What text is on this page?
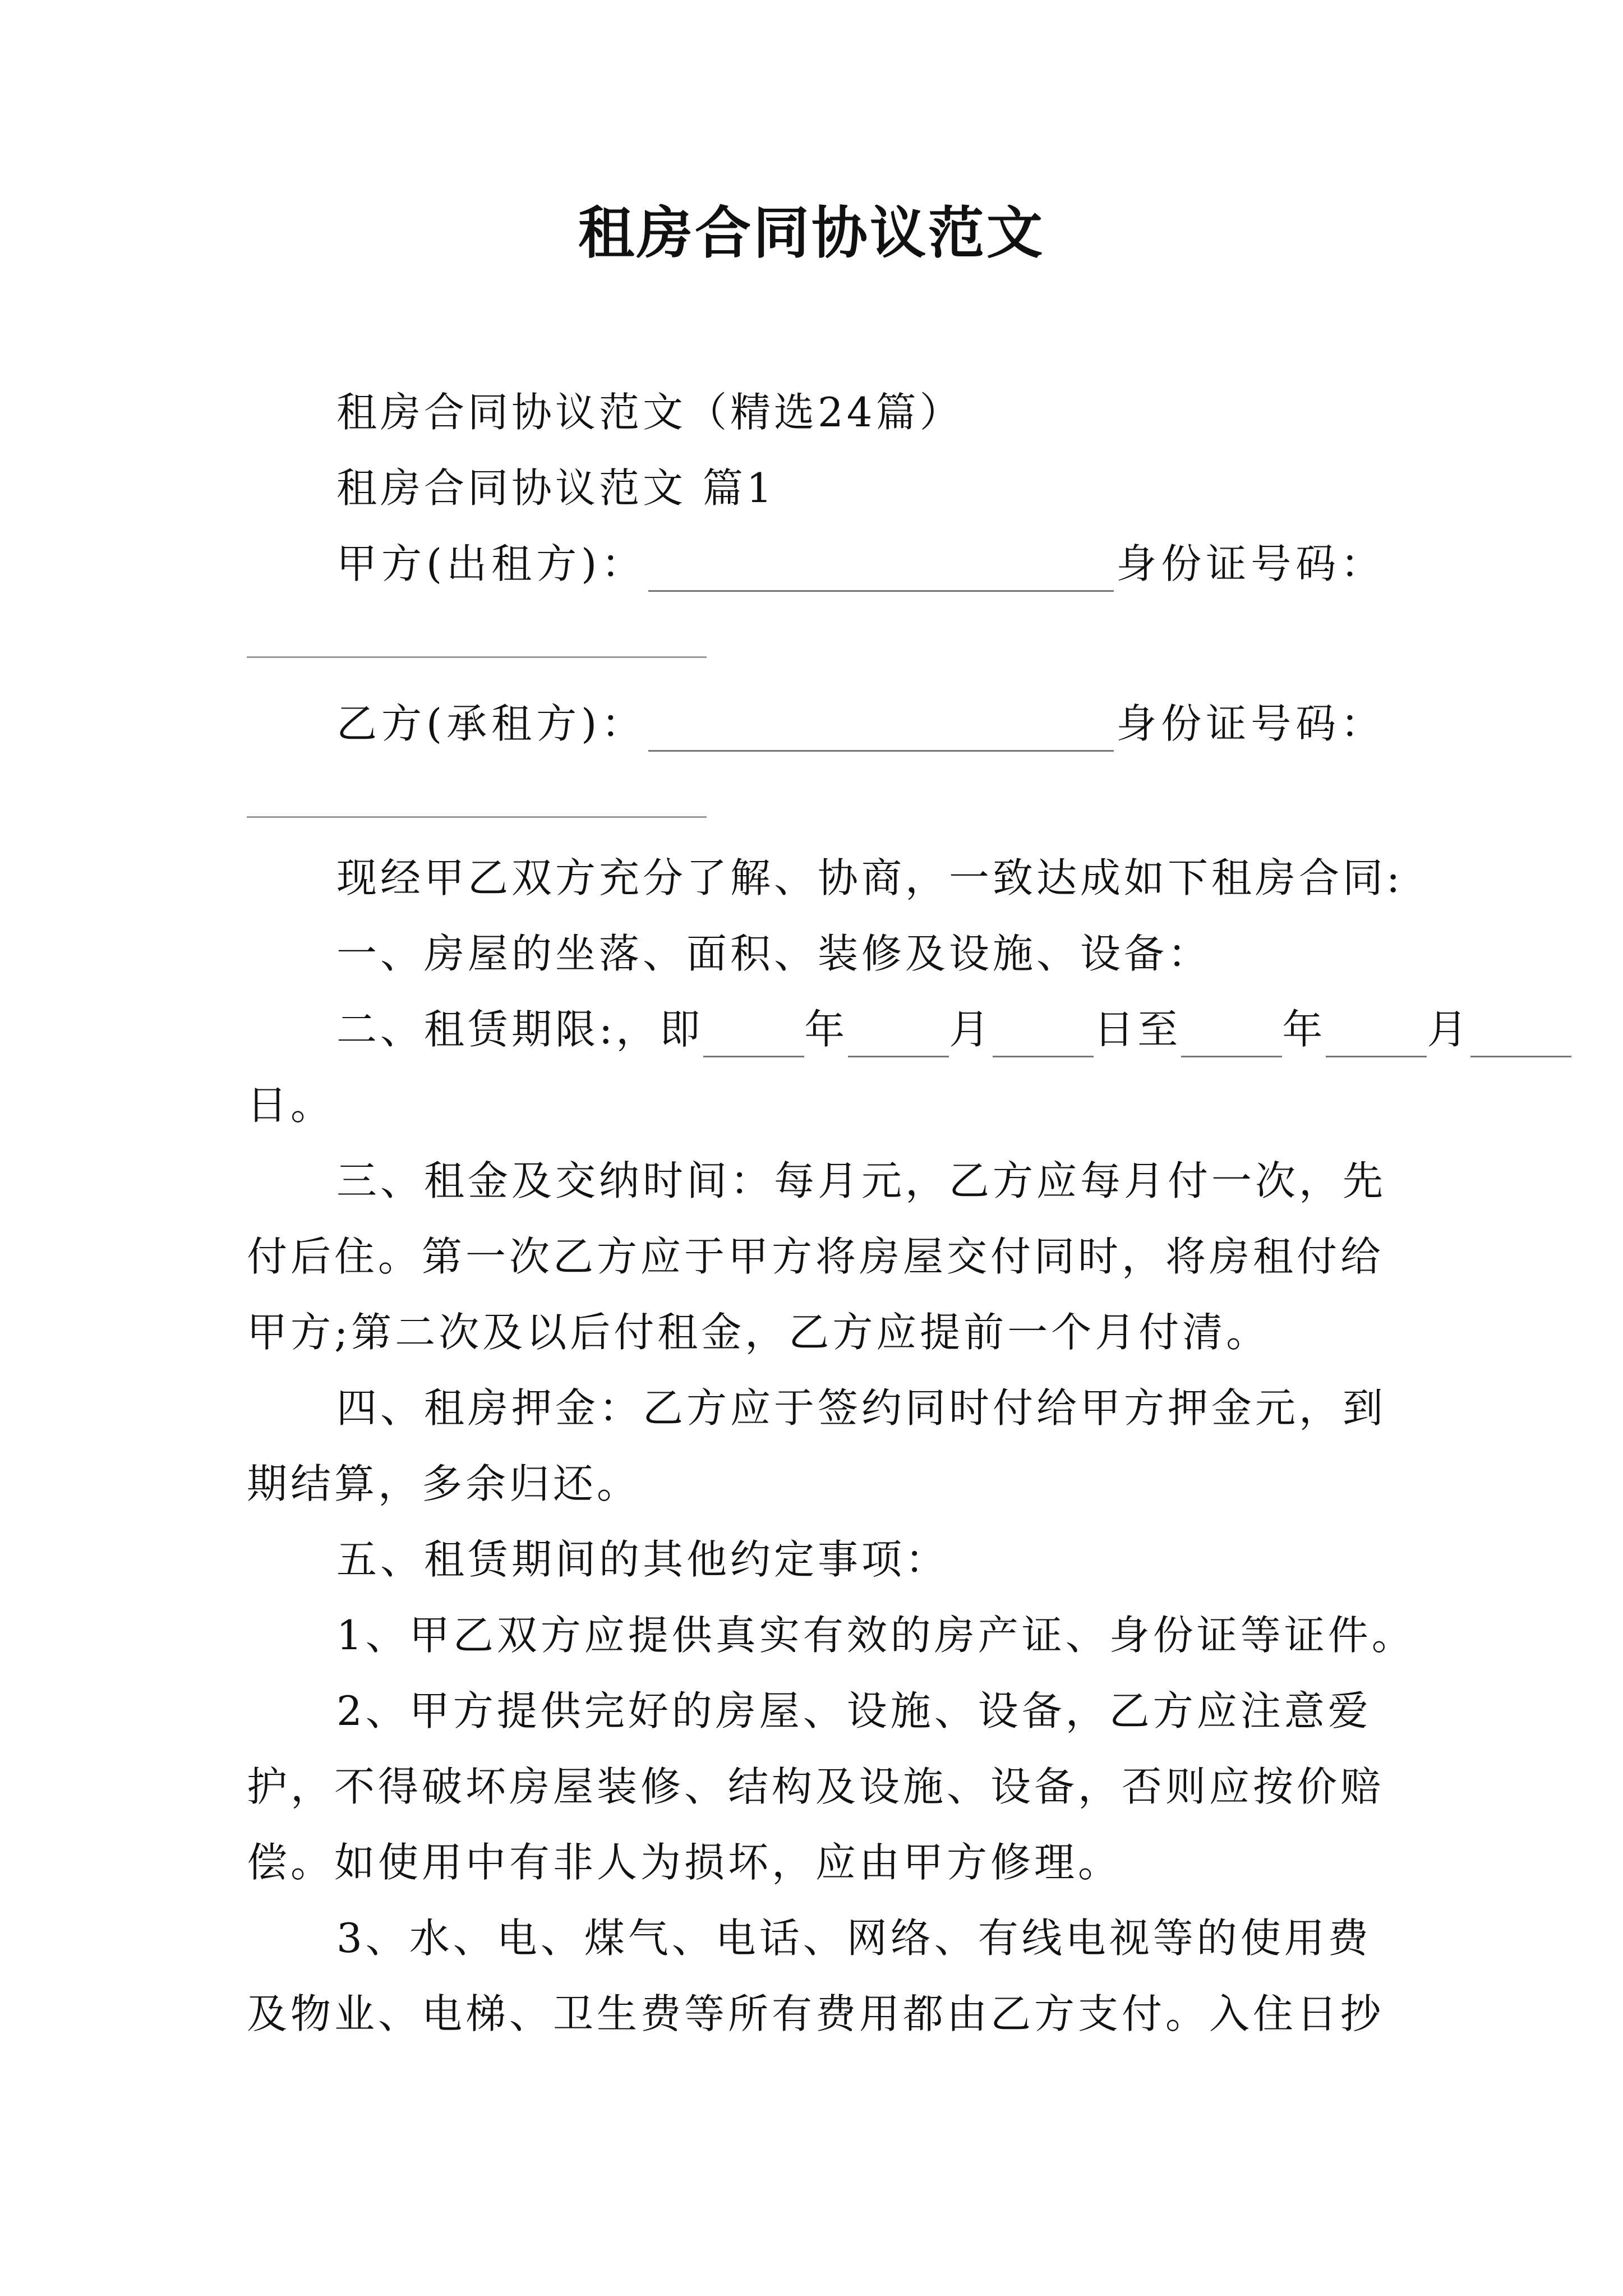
租房合同协议范文
租房合同协议范文（精选24篇）
租房合同协议范文 篇1
甲方(出租方)：	身份证号码：
乙方(承租方)：	身份证号码：
现经甲乙双方充分了解、协商，一致达成如下租房合同:
一、房屋的坐落、面积、装修及设施、设备：
二、租赁期限:，即	年	月	日至	年	月
日。
三、租金及交纳时间：每月元，乙方应每月付一次，先
付后住。第一次乙方应于甲方将房屋交付同时，将房租付给
甲方;第二次及以后付租金，乙方应提前一个月付清。
四、租房押金：乙方应于签约同时付给甲方押金元，到
期结算，多余归还。
五、租赁期间的其他约定事项：
1、甲乙双方应提供真实有效的房产证、身份证等证件。
2、甲方提供完好的房屋、设施、设备，乙方应注意爱
护，不得破坏房屋装修、结构及设施、设备，否则应按价赔
偿。如使用中有非人为损坏，应由甲方修理。
3、水、电、煤气、电话、网络、有线电视等的使用费
及物业、电梯、卫生费等所有费用都由乙方支付。入住日抄
